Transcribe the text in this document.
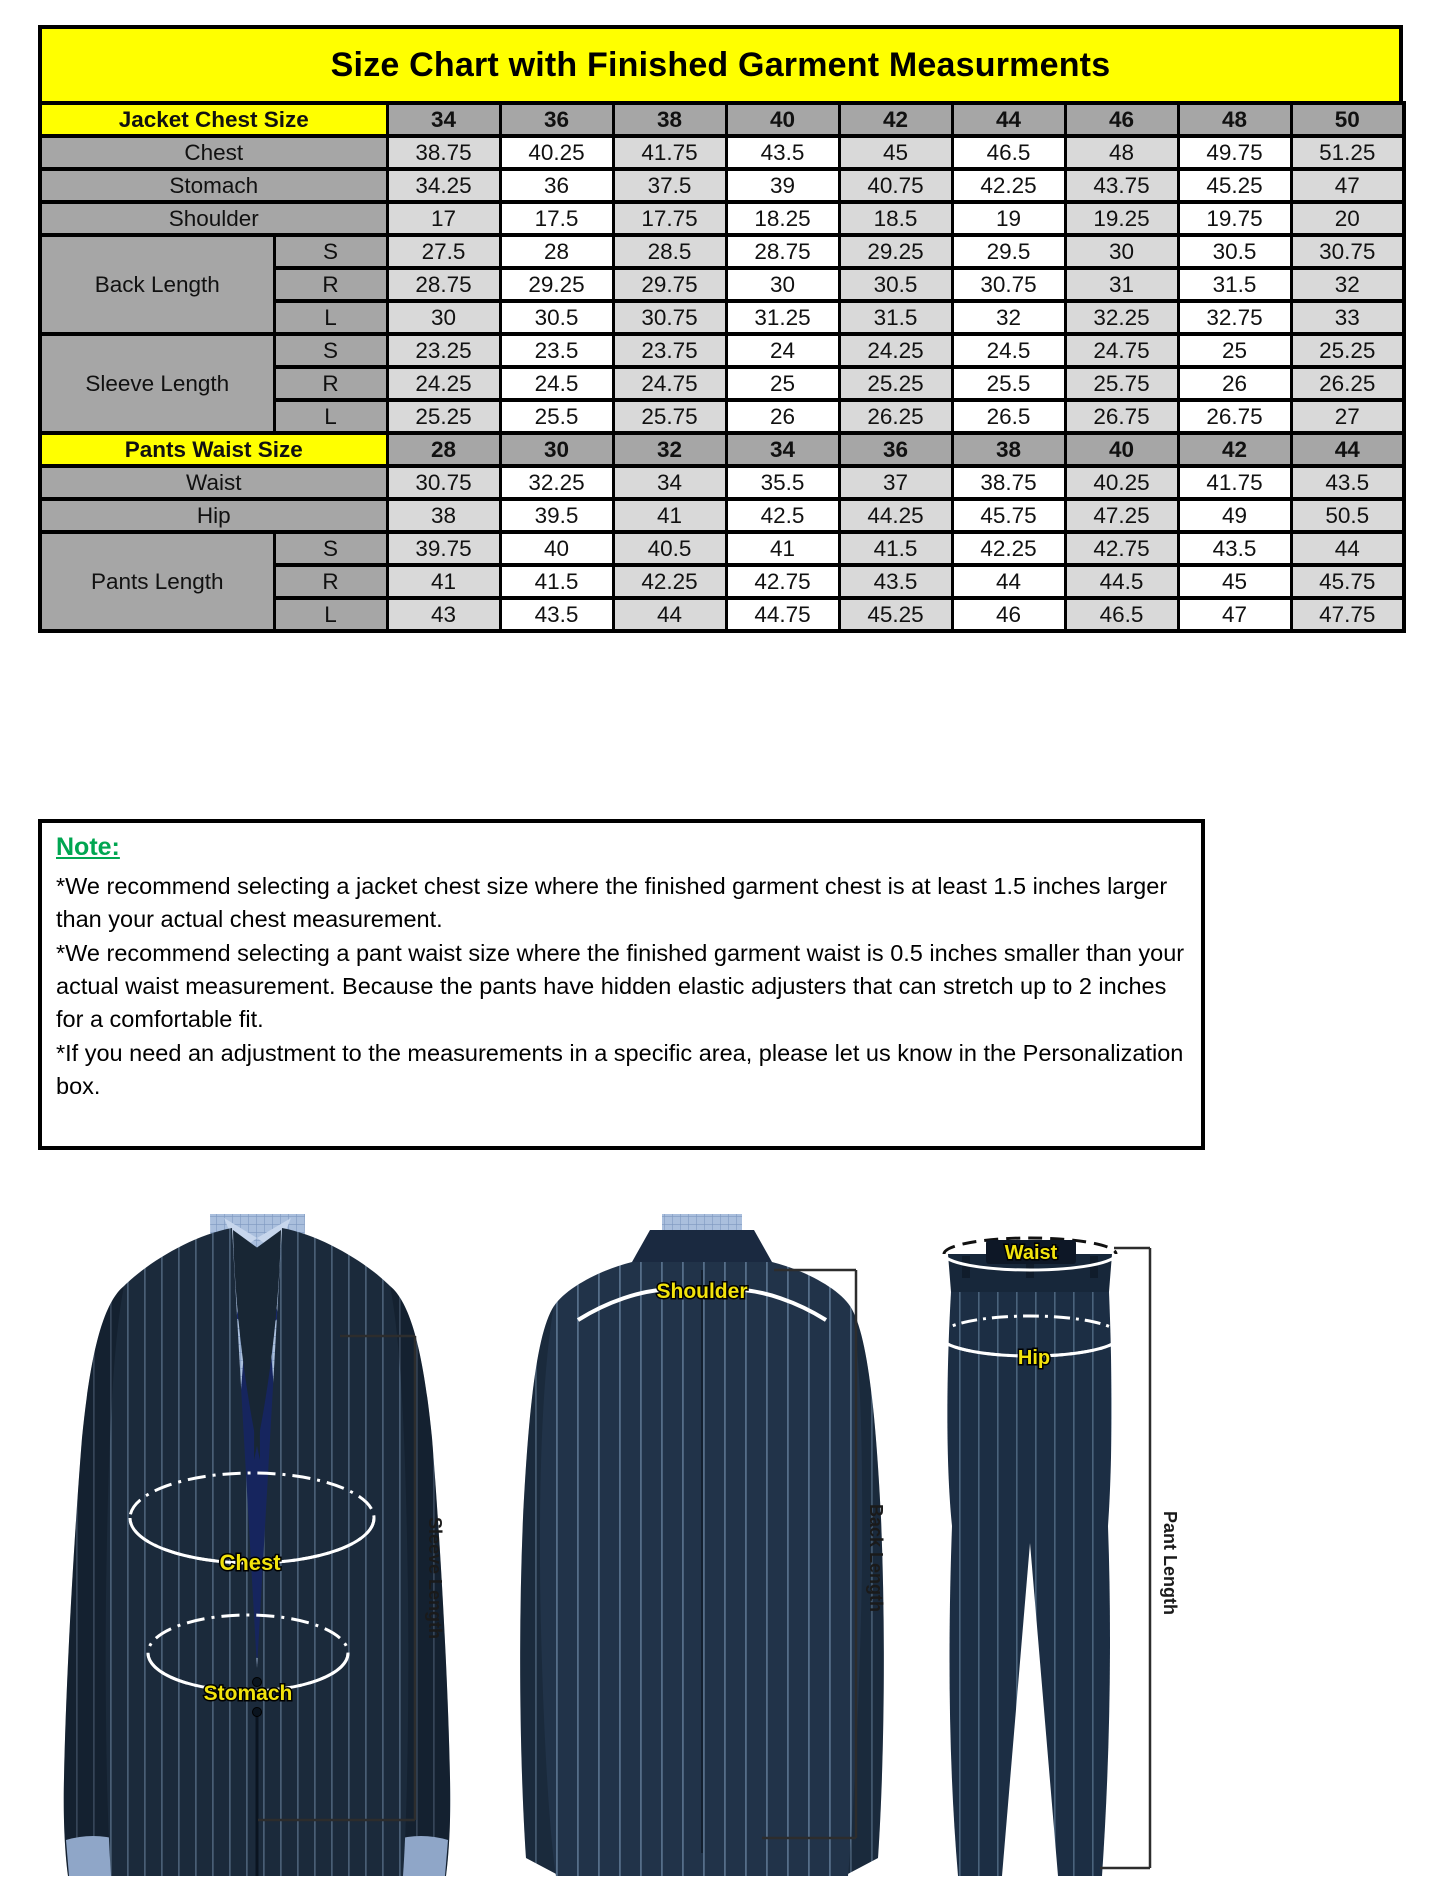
Size Chart with Finished Garment Measurments
Jacket Chest Size		34	36	38	40	42	44	46	48	50
Chest		38.75	40.25	41.75	43.5	45	46.5	48	49.75	51.25
Stomach		34.25	36	37.5	39	40.75	42.25	43.75	45.25	47
Shoulder		17	17.5	17.75	18.25	18.5	19	19.25	19.75	20
Back Length	S	27.5	28	28.5	28.75	29.25	29.5	30	30.5	30.75
	R	28.75	29.25	29.75	30	30.5	30.75	31	31.5	32
	L	30	30.5	30.75	31.25	31.5	32	32.25	32.75	33
Sleeve Length	S	23.25	23.5	23.75	24	24.25	24.5	24.75	25	25.25
	R	24.25	24.5	24.75	25	25.25	25.5	25.75	26	26.25
	L	25.25	25.5	25.75	26	26.25	26.5	26.75	26.75	27
Pants Waist Size		28	30	32	34	36	38	40	42	44
Waist		30.75	32.25	34	35.5	37	38.75	40.25	41.75	43.5
Hip		38	39.5	41	42.5	44.25	45.75	47.25	49	50.5
Pants Length	S	39.75	40	40.5	41	41.5	42.25	42.75	43.5	44
	R	41	41.5	42.25	42.75	43.5	44	44.5	45	45.75
	L	43	43.5	44	44.75	45.25	46	46.5	47	47.75
Note:

*We recommend selecting a jacket chest size where the finished garment chest is at least 1.5 inches larger than your actual chest measurement.

*We recommend selecting a pant waist size where the finished garment waist is 0.5 inches smaller than your actual waist measurement. Because the pants have hidden elastic adjusters that can stretch up to 2 inches for a comfortable fit.

*If you need an adjustment to the measurements in a specific area, please let us know in the Personalization box.

Chest
Stomach
Sleeve Length
Shoulder
Back Length
Waist
Hip
Pant Length
